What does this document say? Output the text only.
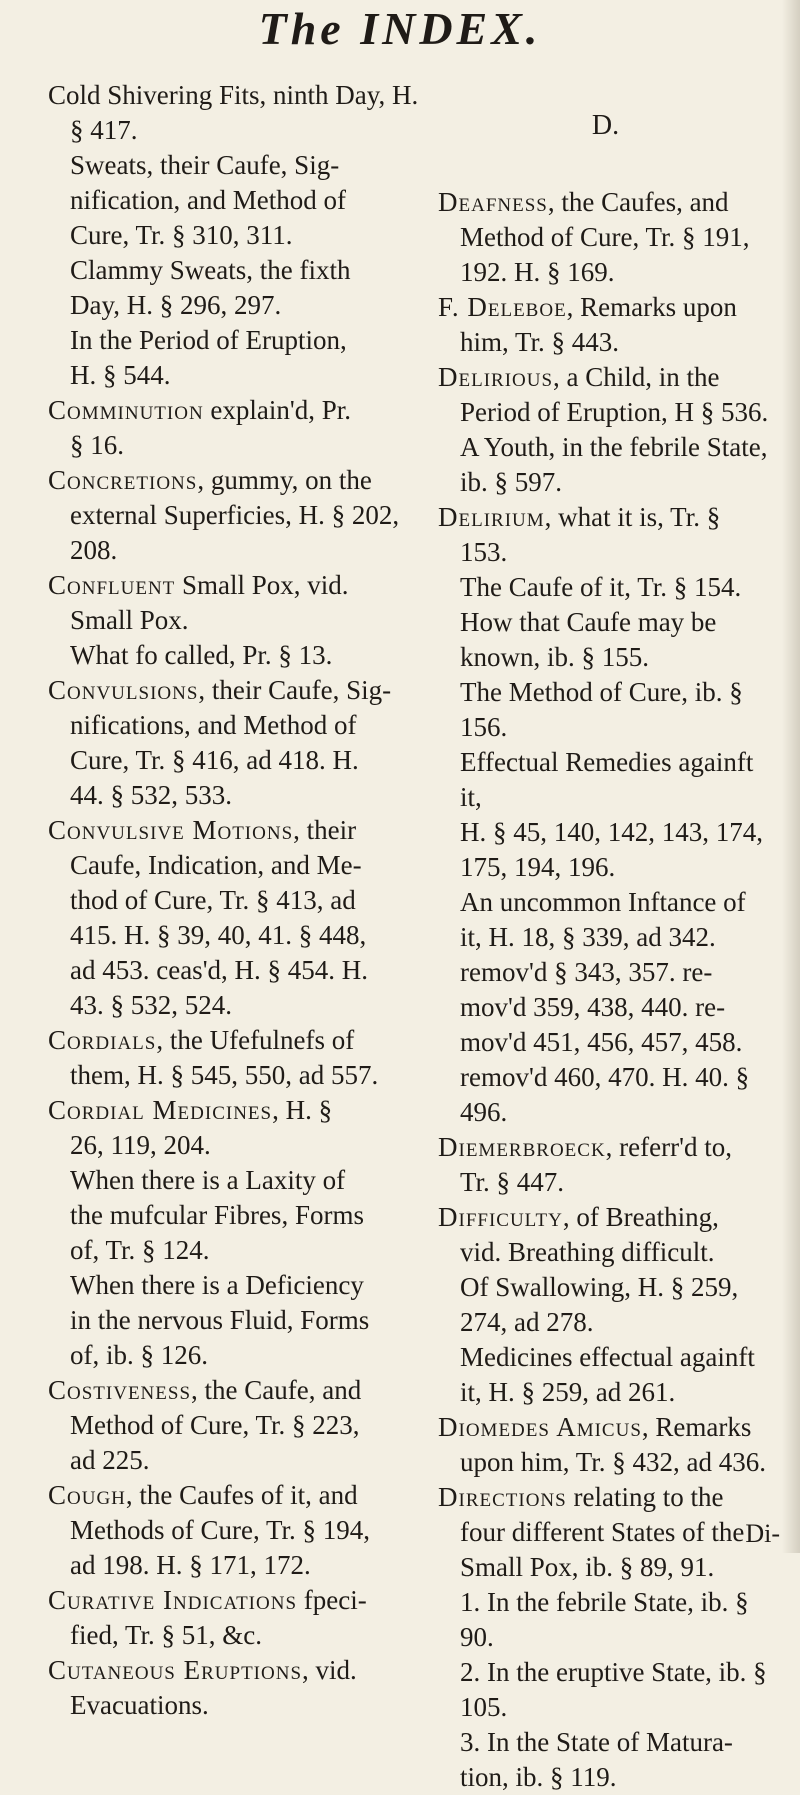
The INDEX.

Cold Shivering Fits, ninth Day, H. § 417.

Sweats, their Caufe, Sig-
nification, and Method of
Cure, Tr. § 310, 311.

Clammy Sweats, the fixth
Day, H. § 296, 297.

In the Period of Eruption,
H. § 544.

Comminution explain'd, Pr.
§ 16.

Concretions, gummy, on the
external Superficies, H. § 202,
208.

Confluent Small Pox, vid.
Small Pox.

What fo called, Pr. § 13.

Convulsions, their Caufe, Sig-
nifications, and Method of
Cure, Tr. § 416, ad 418. H.
44. § 532, 533.

Convulsive Motions, their
Caufe, Indication, and Me-
thod of Cure, Tr. § 413, ad
415. H. § 39, 40, 41. § 448,
ad 453. ceas'd, H. § 454. H.
43. § 532, 524.

Cordials, the Ufefulnefs of
them, H. § 545, 550, ad 557.

Cordial Medicines, H. §
26, 119, 204.

When there is a Laxity of
the mufcular Fibres, Forms
of, Tr. § 124.

When there is a Deficiency
in the nervous Fluid, Forms
of, ib. § 126.

Costiveness, the Caufe, and
Method of Cure, Tr. § 223,
ad 225.

Cough, the Caufes of it, and
Methods of Cure, Tr. § 194,
ad 198. H. § 171, 172.

Curative Indications fpeci-
fied, Tr. § 51, &c.

Cutaneous Eruptions, vid.
Evacuations.

D.

Deafness, the Caufes, and
Method of Cure, Tr. § 191,
192. H. § 169.

F. Deleboe, Remarks upon
him, Tr. § 443.

Delirious, a Child, in the
Period of Eruption, H § 536.

A Youth, in the febrile State,
ib. § 597.

Delirium, what it is, Tr. §
153.

The Caufe of it, Tr. § 154.

How that Caufe may be
known, ib. § 155.

The Method of Cure, ib. §
156.

Effectual Remedies againft it,
H. § 45, 140, 142, 143, 174,
175, 194, 196.

An uncommon Inftance of
it, H. 18, § 339, ad 342.
remov'd § 343, 357. re-
mov'd 359, 438, 440. re-
mov'd 451, 456, 457, 458.
remov'd 460, 470. H. 40. §
496.

Diemerbroeck, referr'd to,
Tr. § 447.

Difficulty, of Breathing,
vid. Breathing difficult.

Of Swallowing, H. § 259,
274, ad 278.

Medicines effectual againft
it, H. § 259, ad 261.

Diomedes Amicus, Remarks
upon him, Tr. § 432, ad 436.

Directions relating to the
four different States of the
Small Pox, ib. § 89, 91.

1. In the febrile State, ib. §
90.

2. In the eruptive State, ib. §
105.

3. In the State of Matura-
tion, ib. § 119.

Di-
